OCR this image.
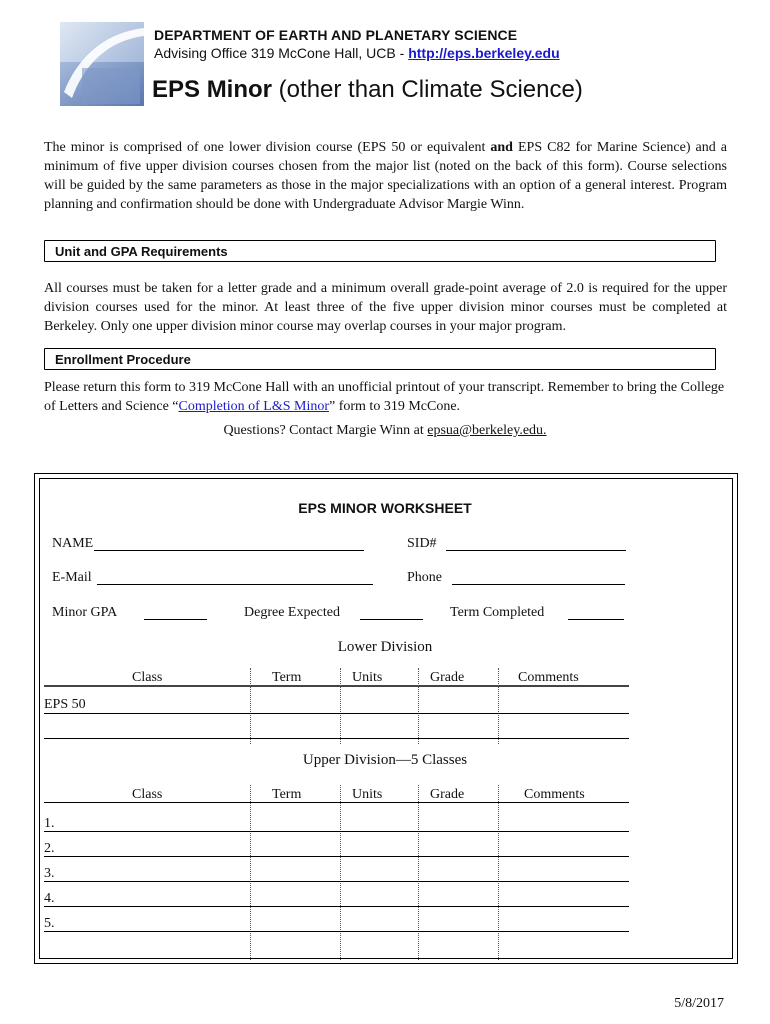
DEPARTMENT OF EARTH AND PLANETARY SCIENCE
Advising Office 319 McCone Hall, UCB - http://eps.berkeley.edu
EPS Minor (other than Climate Science)
The minor is comprised of one lower division course (EPS 50 or equivalent and EPS C82 for Marine Science) and a minimum of five upper division courses chosen from the major list (noted on the back of this form). Course selections will be guided by the same parameters as those in the major specializations with an option of a general interest. Program planning and confirmation should be done with Undergraduate Advisor Margie Winn.
Unit and GPA Requirements
All courses must be taken for a letter grade and a minimum overall grade-point average of 2.0 is required for the upper division courses used for the minor. At least three of the five upper division minor courses must be completed at Berkeley. Only one upper division minor course may overlap courses in your major program.
Enrollment Procedure
Please return this form to 319 McCone Hall with an unofficial printout of your transcript. Remember to bring the College of Letters and Science “Completion of L&S Minor” form to 319 McCone.
Questions? Contact Margie Winn at epsua@berkeley.edu.
EPS MINOR WORKSHEET
NAME	SID#
E-Mail	Phone
Minor GPA	Degree Expected	Term Completed
Lower Division
Class	Term	Units	Grade	Comments
EPS 50
Upper Division—5 Classes
Class	Term	Units	Grade	Comments
1.
2.
3.
4.
5.
5/8/2017
